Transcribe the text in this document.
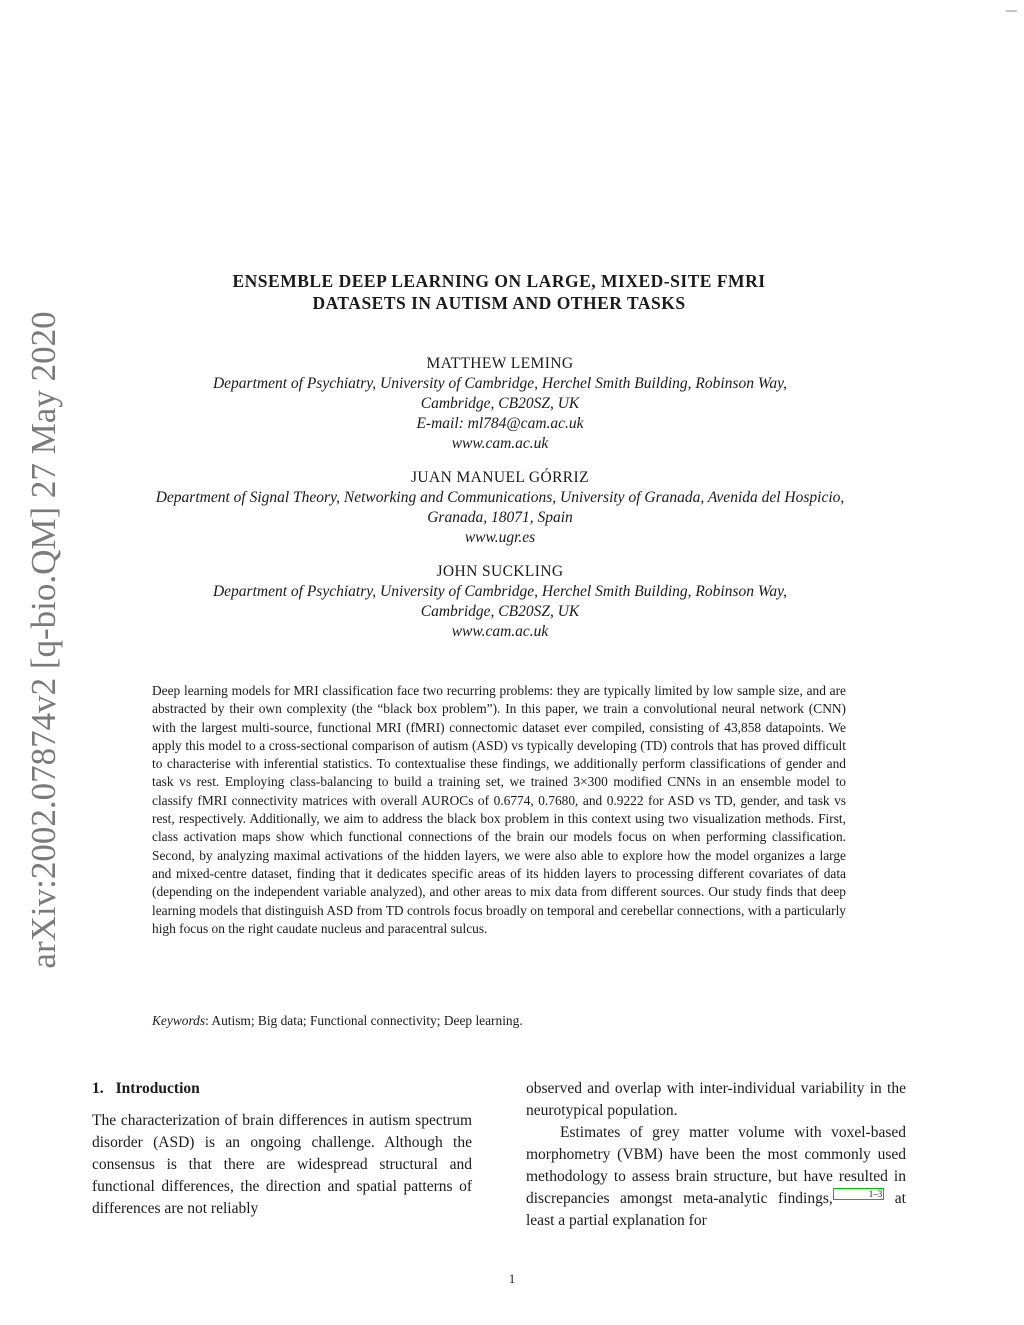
arXiv:2002.07874v2 [q-bio.QM] 27 May 2020
ENSEMBLE DEEP LEARNING ON LARGE, MIXED-SITE FMRI
DATASETS IN AUTISM AND OTHER TASKS
MATTHEW LEMING
Department of Psychiatry, University of Cambridge, Herchel Smith Building, Robinson Way,
Cambridge, CB20SZ, UK
E-mail: ml784@cam.ac.uk
www.cam.ac.uk
JUAN MANUEL GÓRRIZ
Department of Signal Theory, Networking and Communications, University of Granada, Avenida del Hospicio,
Granada, 18071, Spain
www.ugr.es
JOHN SUCKLING
Department of Psychiatry, University of Cambridge, Herchel Smith Building, Robinson Way,
Cambridge, CB20SZ, UK
www.cam.ac.uk
Deep learning models for MRI classification face two recurring problems: they are typically limited by low sample size, and are abstracted by their own complexity (the “black box problem”). In this paper, we train a convolutional neural network (CNN) with the largest multi-source, functional MRI (fMRI) connectomic dataset ever compiled, consisting of 43,858 datapoints. We apply this model to a cross-sectional comparison of autism (ASD) vs typically developing (TD) controls that has proved difficult to characterise with inferential statistics. To contextualise these findings, we additionally perform classifications of gender and task vs rest. Employing class-balancing to build a training set, we trained 3×300 modified CNNs in an ensemble model to classify fMRI connectivity matrices with overall AUROCs of 0.6774, 0.7680, and 0.9222 for ASD vs TD, gender, and task vs rest, respectively. Additionally, we aim to address the black box problem in this context using two visualization methods. First, class activation maps show which functional connections of the brain our models focus on when performing classification. Second, by analyzing maximal activations of the hidden layers, we were also able to explore how the model organizes a large and mixed-centre dataset, finding that it dedicates specific areas of its hidden layers to processing different covariates of data (depending on the independent variable analyzed), and other areas to mix data from different sources. Our study finds that deep learning models that distinguish ASD from TD controls focus broadly on temporal and cerebellar connections, with a particularly high focus on the right caudate nucleus and paracentral sulcus.
Keywords: Autism; Big data; Functional connectivity; Deep learning.
1. Introduction

The characterization of brain differences in autism spectrum disorder (ASD) is an ongoing challenge. Although the consensus is that there are widespread structural and functional differences, the direction and spatial patterns of differences are not reliably

observed and overlap with inter-individual variability in the neurotypical population.

Estimates of grey matter volume with voxel-based morphometry (VBM) have been the most commonly used methodology to assess brain structure, but have resulted in discrepancies amongst meta-analytic findings,	1–3 at least a partial explanation for

1
